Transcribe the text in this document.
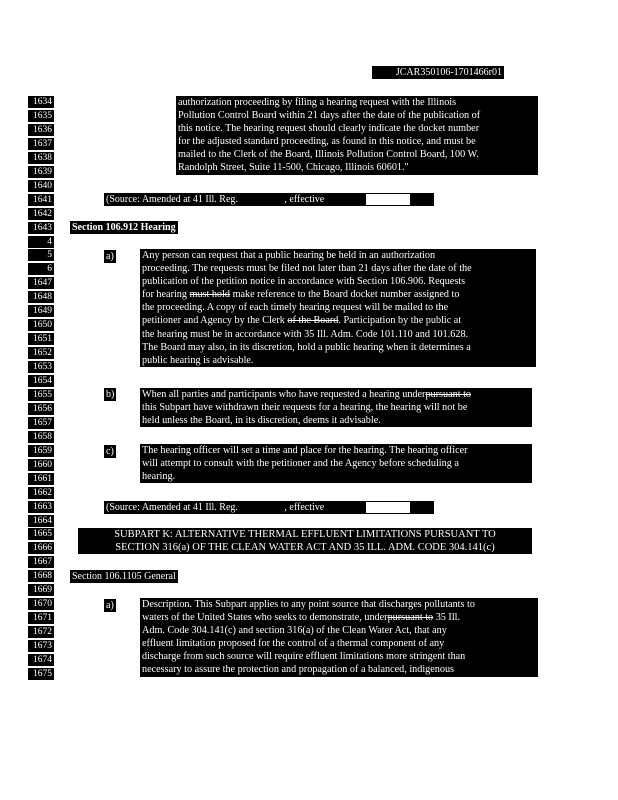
JCAR350106-1701466r01
1634
1635
1636
1637
1638
1639
1640
1641
1642
1643
4
5
6
1647
1648
1649
1650
1651
1652
1653
1654
1655
1656
1657
1658
1659
1660
1661
1662
1663
1664
1665
1666
1667
1668
1669
1670
1671
1672
1673
1674
1675
authorization proceeding by filing a hearing request with the Illinois
Pollution Control Board within 21 days after the date of the publication of
this notice. The hearing request should clearly indicate the docket number
for the adjusted standard proceeding, as found in this notice, and must be
mailed to the Clerk of the Board, Illinois Pollution Control Board, 100 W.
Randolph Street, Suite 11-500, Chicago, Illinois 60601."
(Source: Amended at 41 Ill. Reg.	, effective
Section 106.912 Hearing
a)	Any person can request that a public hearing be held in an authorization
proceeding. The requests must be filed not later than 21 days after the date of the
publication of the petition notice in accordance with Section 106.906. Requests
for hearing must hold make reference to the Board docket number assigned to
the proceeding. A copy of each timely hearing request will be mailed to the
petitioner and Agency by the Clerk of the Board. Participation by the public at
the hearing must be in accordance with 35 Ill. Adm. Code 101.110 and 101.628.
The Board may also, in its discretion, hold a public hearing when it determines a
public hearing is advisable.
b)	When all parties and participants who have requested a hearing underpursuant to
this Subpart have withdrawn their requests for a hearing, the hearing will not be
held unless the Board, in its discretion, deems it advisable.
c)	The hearing officer will set a time and place for the hearing. The hearing officer
will attempt to consult with the petitioner and the Agency before scheduling a
hearing.
(Source: Amended at 41 Ill. Reg.	, effective
SUBPART K: ALTERNATIVE THERMAL EFFLUENT LIMITATIONS PURSUANT TO
SECTION 316(a) OF THE CLEAN WATER ACT AND 35 ILL. ADM. CODE 304.141(c)
Section 106.1105 General
a)	Description. This Subpart applies to any point source that discharges pollutants to
waters of the United States who seeks to demonstrate, underpursuant to 35 Ill.
Adm. Code 304.141(c) and section 316(a) of the Clean Water Act, that any
effluent limitation proposed for the control of a thermal component of any
discharge from such source will require effluent limitations more stringent than
necessary to assure the protection and propagation of a balanced, indigenous
